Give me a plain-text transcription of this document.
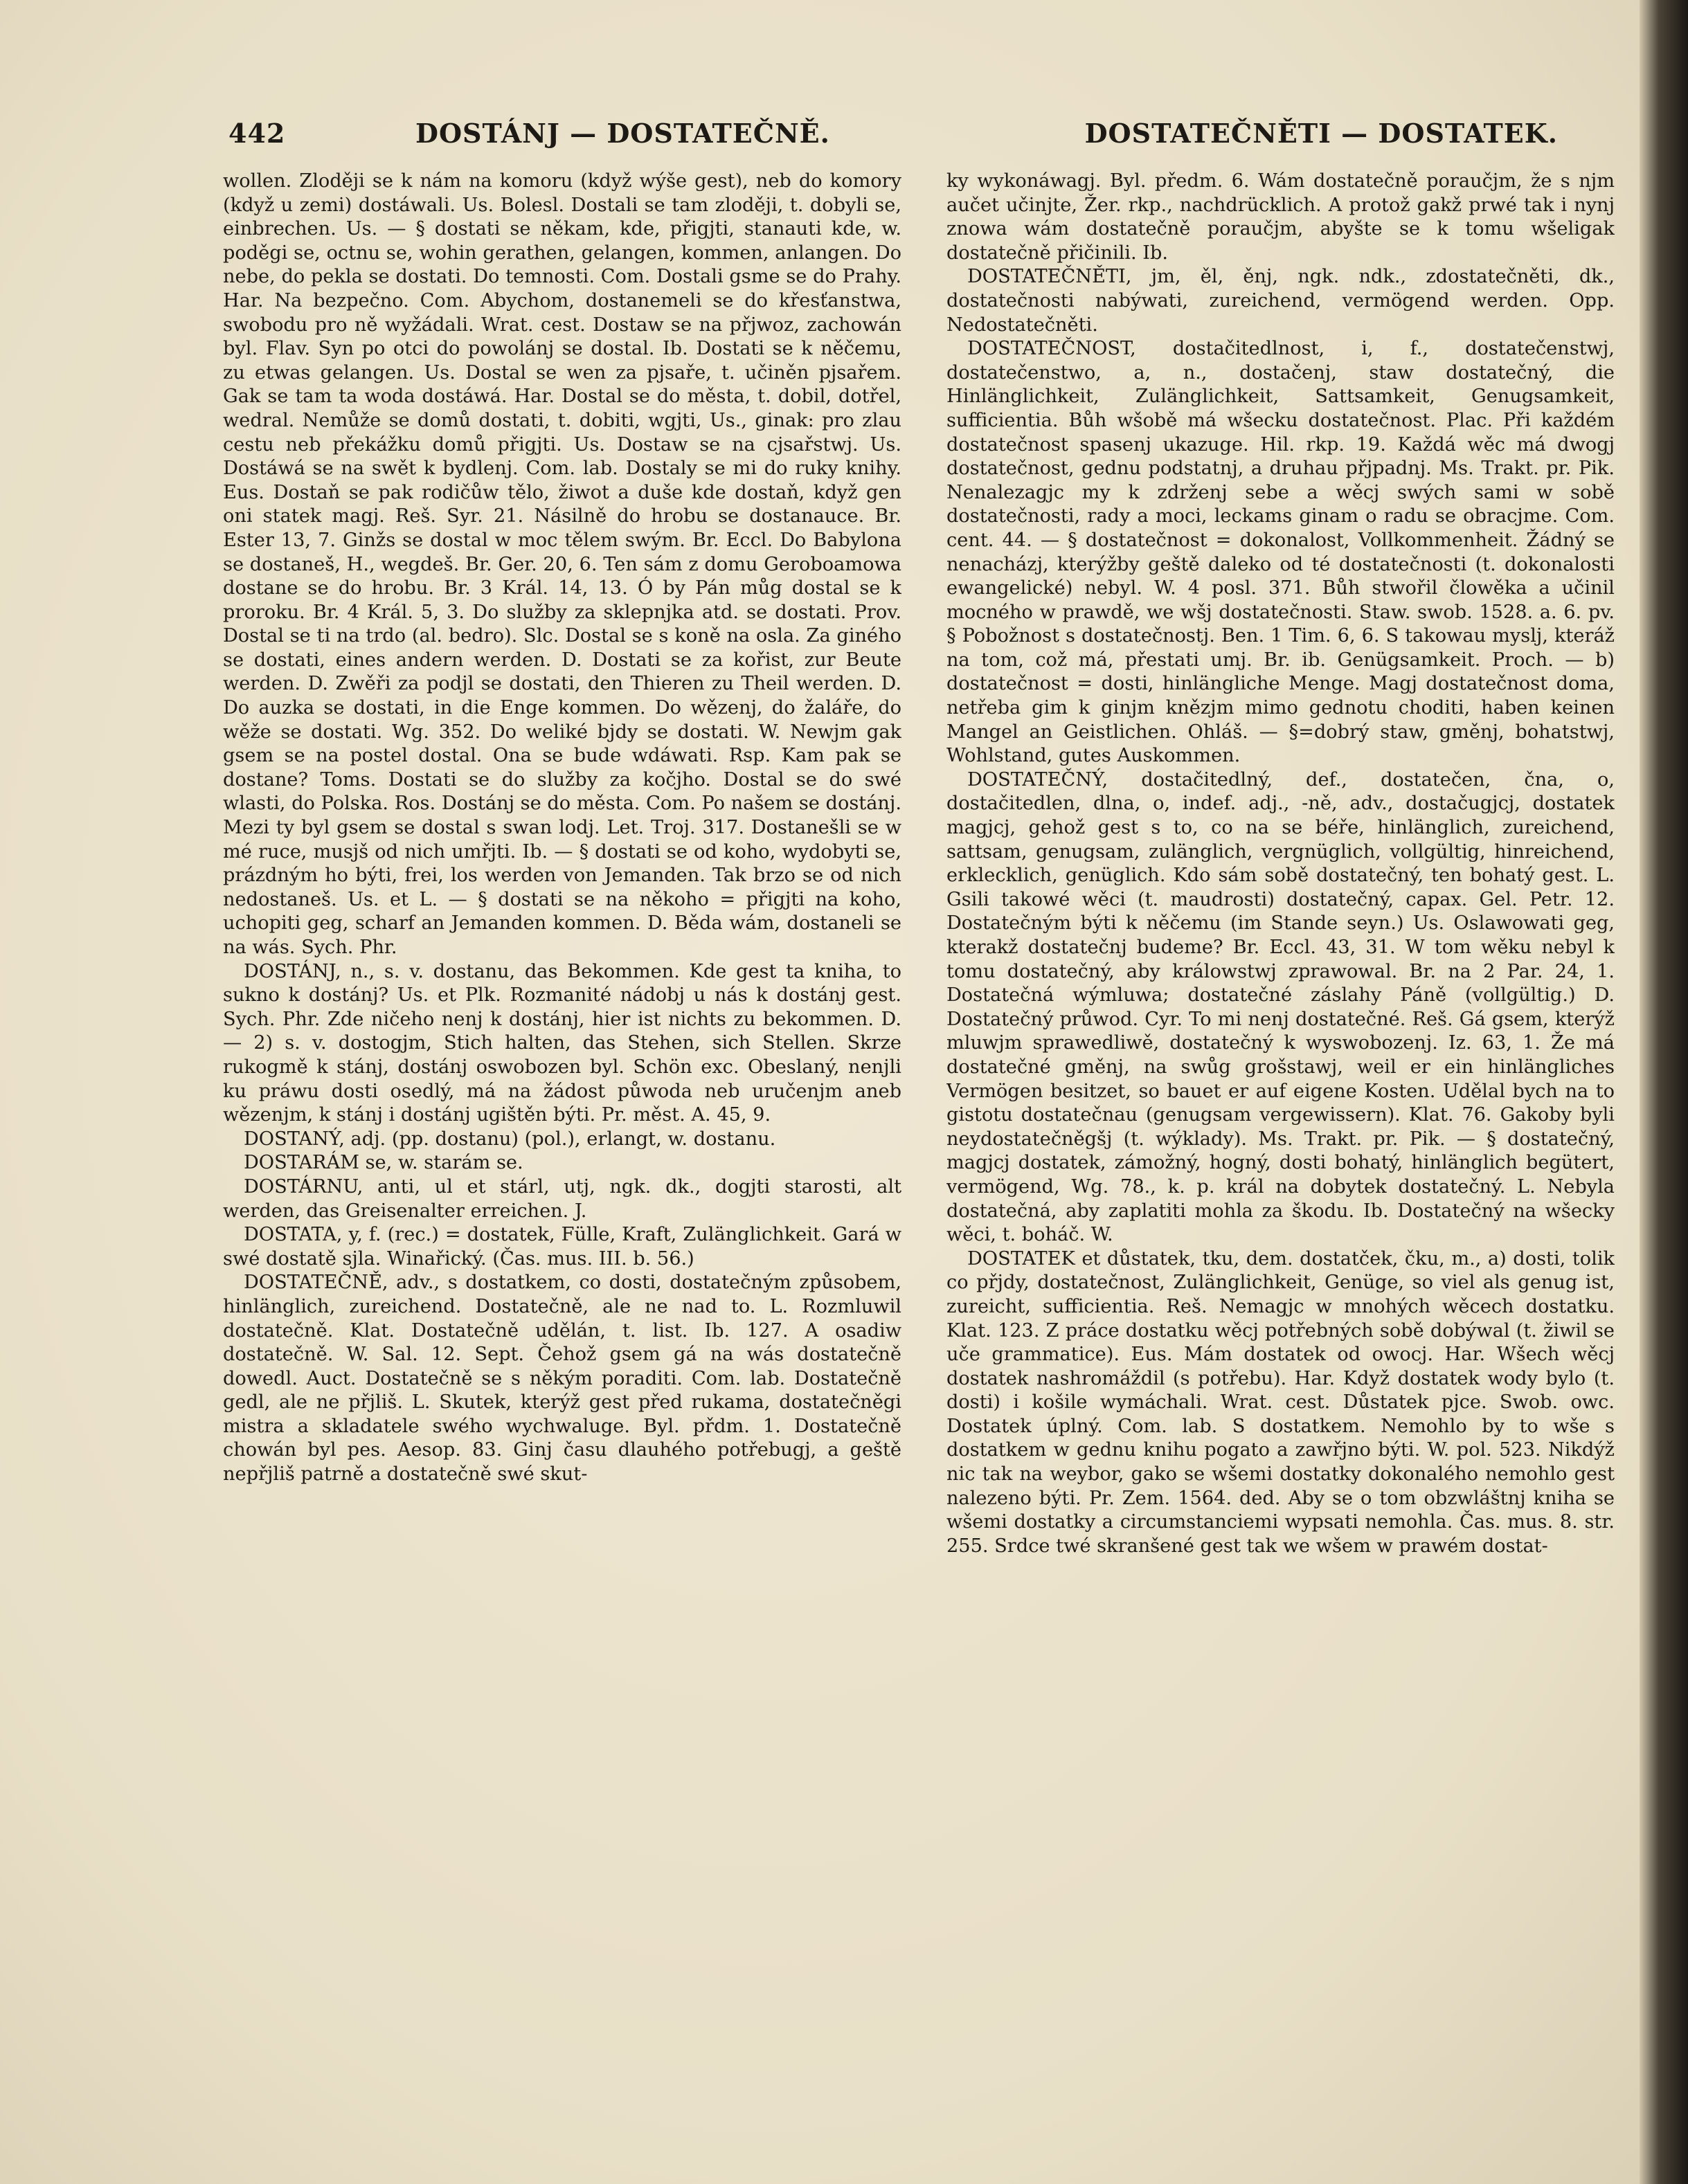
442	DOSTÁNJ — DOSTATEČNĚ.	DOSTATEČNĚTI — DOSTATEK.

wollen. Zloději se k nám na komoru (když wýše gest), neb do komory (když u zemi) dostáwali. Us. Bolesl. Dostali se tam zloději, t. dobyli se, einbrechen. Us. — § dostati se někam, kde, přigjti, stanauti kde, w. poděgi se, octnu se, wohin gerathen, gelangen, kommen, anlangen. Do nebe, do pekla se dostati. Do temnosti. Com. Dostali gsme se do Prahy. Har. Na bezpečno. Com. Abychom, dostanemeli se do křesťanstwa, swobodu pro ně wyžádali. Wrat. cest. Dostaw se na přjwoz, zachowán byl. Flav. Syn po otci do powolánj se dostal. Ib. Dostati se k něčemu, zu etwas gelangen. Us. Dostal se wen za pjsaře, t. učiněn pjsařem. Gak se tam ta woda dostáwá. Har. Dostal se do města, t. dobil, dotřel, wedral. Nemůže se domů dostati, t. dobiti, wgjti, Us., ginak: pro zlau cestu neb překážku domů přigjti. Us. Dostaw se na cjsařstwj. Us. Dostáwá se na swět k bydlenj. Com. lab. Dostaly se mi do ruky knihy. Eus. Dostaň se pak rodičůw tělo, žiwot a duše kde dostaň, když gen oni statek magj. Reš. Syr. 21. Násilně do hrobu se dostanauce. Br. Ester 13, 7. Ginžs se dostal w moc tělem swým. Br. Eccl. Do Babylona se dostaneš, H., wegdeš. Br. Ger. 20, 6. Ten sám z domu Geroboamowa dostane se do hrobu. Br. 3 Král. 14, 13. Ó by Pán můg dostal se k proroku. Br. 4 Král. 5, 3. Do služby za sklepnjka atd. se dostati. Prov. Dostal se ti na trdo (al. bedro). Slc. Dostal se s koně na osla. Za giného se dostati, eines andern werden. D. Dostati se za kořist, zur Beute werden. D. Zwěři za podjl se dostati, den Thieren zu Theil werden. D. Do auzka se dostati, in die Enge kommen. Do wězenj, do žaláře, do wěže se dostati. Wg. 352. Do weliké bjdy se dostati. W. Newjm gak gsem se na postel dostal. Ona se bude wdáwati. Rsp. Kam pak se dostane? Toms. Dostati se do služby za kočjho. Dostal se do swé wlasti, do Polska. Ros. Dostánj se do města. Com. Po našem se dostánj. Mezi ty byl gsem se dostal s swan lodj. Let. Troj. 317. Dostanešli se w mé ruce, musjš od nich umřjti. Ib. — § dostati se od koho, wydobyti se, prázdným ho býti, frei, los werden von Jemanden. Tak brzo se od nich nedostaneš. Us. et L. — § dostati se na někoho = přigjti na koho, uchopiti geg, scharf an Jemanden kommen. D. Běda wám, dostaneli se na wás. Sych. Phr.

DOSTÁNJ, n., s. v. dostanu, das Bekommen. Kde gest ta kniha, to sukno k dostánj? Us. et Plk. Rozmanité nádobj u nás k dostánj gest. Sych. Phr. Zde ničeho nenj k dostánj, hier ist nichts zu bekommen. D. — 2) s. v. dostogjm, Stich halten, das Stehen, sich Stellen. Skrze rukogmě k stánj, dostánj oswobozen byl. Schön exc. Obeslaný, nenjli ku práwu dosti osedlý, má na žádost půwoda neb uručenjm aneb wězenjm, k stánj i dostánj ugištěn býti. Pr. měst. A. 45, 9.

DOSTANÝ, adj. (pp. dostanu) (pol.), erlangt, w. dostanu.

DOSTARÁM se, w. starám se.

DOSTÁRNU, anti, ul et stárl, utj, ngk. dk., dogjti starosti, alt werden, das Greisenalter erreichen. J.

DOSTATA, y, f. (rec.) = dostatek, Fülle, Kraft, Zulänglichkeit. Gará w swé dostatě sjla. Winařický. (Čas. mus. III. b. 56.)

DOSTATEČNĚ, adv., s dostatkem, co dosti, dostatečným způsobem, hinlänglich, zureichend. Dostatečně, ale ne nad to. L. Rozmluwil dostatečně. Klat. Dostatečně udělán, t. list. Ib. 127. A osadiw dostatečně. W. Sal. 12. Sept. Čehož gsem gá na wás dostatečně dowedl. Auct. Dostatečně se s někým poraditi. Com. lab. Dostatečně gedl, ale ne přjliš. L. Skutek, kterýž gest před rukama, dostatečněgi mistra a skladatele swého wychwaluge. Byl. přdm. 1. Dostatečně chowán byl pes. Aesop. 83. Ginj času dlauhého potřebugj, a geště nepřjliš patrně a dostatečně swé skut-

ky wykonáwagj. Byl. předm. 6. Wám dostatečně poraučjm, že s njm aučet učinjte, Žer. rkp., nachdrücklich. A protož gakž prwé tak i nynj znowa wám dostatečně poraučjm, abyšte se k tomu wšeligak dostatečně přičinili. Ib.

DOSTATEČNĚTI, jm, ěl, ěnj, ngk. ndk., zdostatečněti, dk., dostatečnosti nabýwati, zureichend, vermögend werden. Opp. Nedostatečněti.

DOSTATEČNOST, dostačitedlnost, i, f., dostatečenstwj, dostatečenstwo, a, n., dostačenj, staw dostatečný, die Hinlänglichkeit, Zulänglichkeit, Sattsamkeit, Genugsamkeit, sufficientia. Bůh wšobě má wšecku dostatečnost. Plac. Při každém dostatečnost spasenj ukazuge. Hil. rkp. 19. Každá wěc má dwogj dostatečnost, gednu podstatnj, a druhau přjpadnj. Ms. Trakt. pr. Pik. Nenalezagjc my k zdrženj sebe a wěcj swých sami w sobě dostatečnosti, rady a moci, leckams ginam o radu se obracjme. Com. cent. 44. — § dostatečnost = dokonalost, Vollkommenheit. Žádný se nenacházj, kterýžby geště daleko od té dostatečnosti (t. dokonalosti ewangelické) nebyl. W. 4 posl. 371. Bůh stwořil člowěka a učinil mocného w prawdě, we wšj dostatečnosti. Staw. swob. 1528. a. 6. pv. § Pobožnost s dostatečnostj. Ben. 1 Tim. 6, 6. S takowau myslj, kteráž na tom, což má, přestati umj. Br. ib. Genügsamkeit. Proch. — b) dostatečnost = dosti, hinlängliche Menge. Magj dostatečnost doma, netřeba gim k ginjm knězjm mimo gednotu choditi, haben keinen Mangel an Geistlichen. Ohláš. — §=dobrý staw, gměnj, bohatstwj, Wohlstand, gutes Auskommen.

DOSTATEČNÝ, dostačitedlný, def., dostatečen, čna, o, dostačitedlen, dlna, o, indef. adj., -ně, adv., dostačugjcj, dostatek magjcj, gehož gest s to, co na se béře, hinlänglich, zureichend, sattsam, genugsam, zulänglich, vergnüglich, vollgültig, hinreichend, erklecklich, genüglich. Kdo sám sobě dostatečný, ten bohatý gest. L. Gsili takowé wěci (t. maudrosti) dostatečný, capax. Gel. Petr. 12. Dostatečným býti k něčemu (im Stande seyn.) Us. Oslawowati geg, kterakž dostatečnj budeme? Br. Eccl. 43, 31. W tom wěku nebyl k tomu dostatečný, aby králowstwj zprawowal. Br. na 2 Par. 24, 1. Dostatečná wýmluwa; dostatečné záslahy Páně (vollgültig.) D. Dostatečný průwod. Cyr. To mi nenj dostatečné. Reš. Gá gsem, kterýž mluwjm sprawedliwě, dostatečný k wyswobozenj. Iz. 63, 1. Že má dostatečné gměnj, na swůg grošstawj, weil er ein hinlängliches Vermögen besitzet, so bauet er auf eigene Kosten. Udělal bych na to gistotu dostatečnau (genugsam vergewissern). Klat. 76. Gakoby byli neydostatečněgšj (t. wýklady). Ms. Trakt. pr. Pik. — § dostatečný, magjcj dostatek, zámožný, hogný, dosti bohatý, hinlänglich begütert, vermögend, Wg. 78., k. p. král na dobytek dostatečný. L. Nebyla dostatečná, aby zaplatiti mohla za škodu. Ib. Dostatečný na wšecky wěci, t. boháč. W.

DOSTATEK et důstatek, tku, dem. dostatček, čku, m., a) dosti, tolik co přjdy, dostatečnost, Zulänglichkeit, Genüge, so viel als genug ist, zureicht, sufficientia. Reš. Nemagjc w mnohých wěcech dostatku. Klat. 123. Z práce dostatku wěcj potřebných sobě dobýwal (t. žiwil se uče grammatice). Eus. Mám dostatek od owocj. Har. Wšech wěcj dostatek nashromáždil (s potřebu). Har. Když dostatek wody bylo (t. dosti) i košile wymáchali. Wrat. cest. Důstatek pjce. Swob. owc. Dostatek úplný. Com. lab. S dostatkem. Nemohlo by to wše s dostatkem w gednu knihu pogato a zawřjno býti. W. pol. 523. Nikdýž nic tak na weybor, gako se wšemi dostatky dokonalého nemohlo gest nalezeno býti. Pr. Zem. 1564. ded. Aby se o tom obzwláštnj kniha se wšemi dostatky a circumstanciemi wypsati nemohla. Čas. mus. 8. str. 255. Srdce twé skranšené gest tak we wšem w prawém dostat-
